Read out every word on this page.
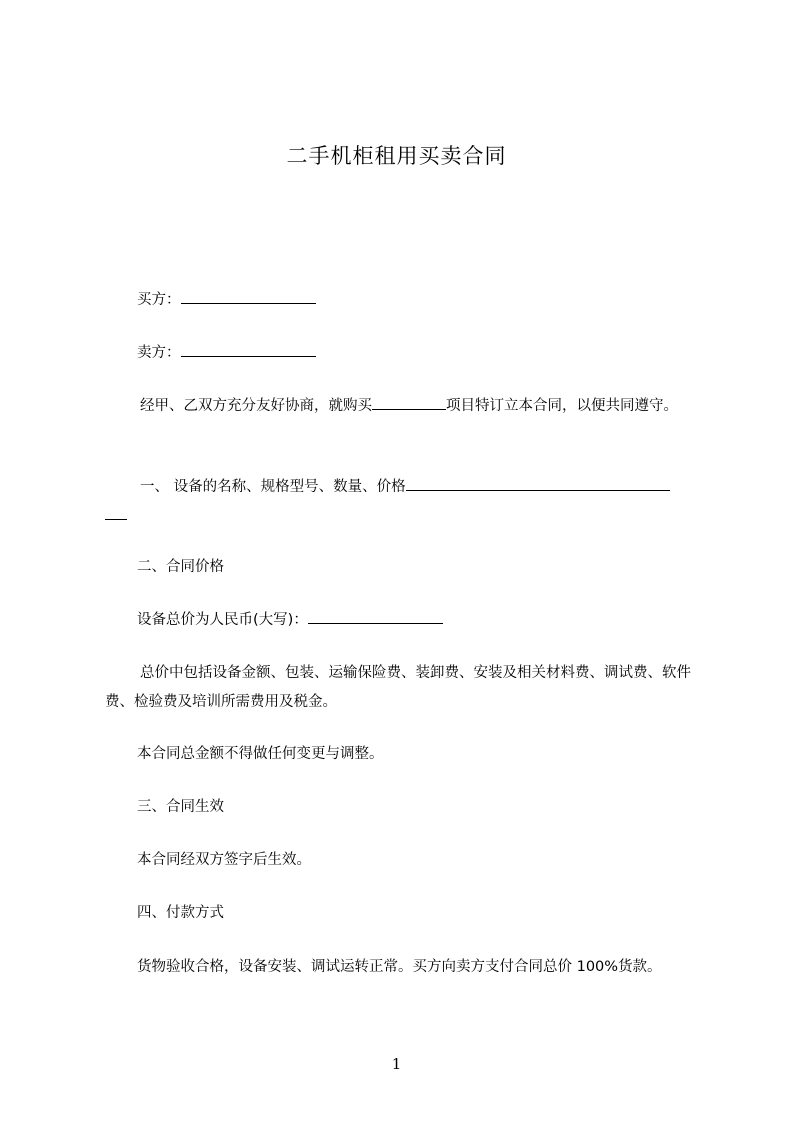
二手机柜租用买卖合同
买方：
卖方：
经甲、乙双方充分友好协商，就购买	项目特订立本合同，以便共同遵守。
一、 设备的名称、规格型号、数量、价格

二、合同价格
设备总价为人民币(大写)：
总价中包括设备金额、包装、运输保险费、装卸费、安装及相关材料费、调试费、软件费、检验费及培训所需费用及税金。
本合同总金额不得做任何变更与调整。
三、合同生效
本合同经双方签字后生效。
四、付款方式
货物验收合格，设备安装、调试运转正常。买方向卖方支付合同总价 100%货款。
1
